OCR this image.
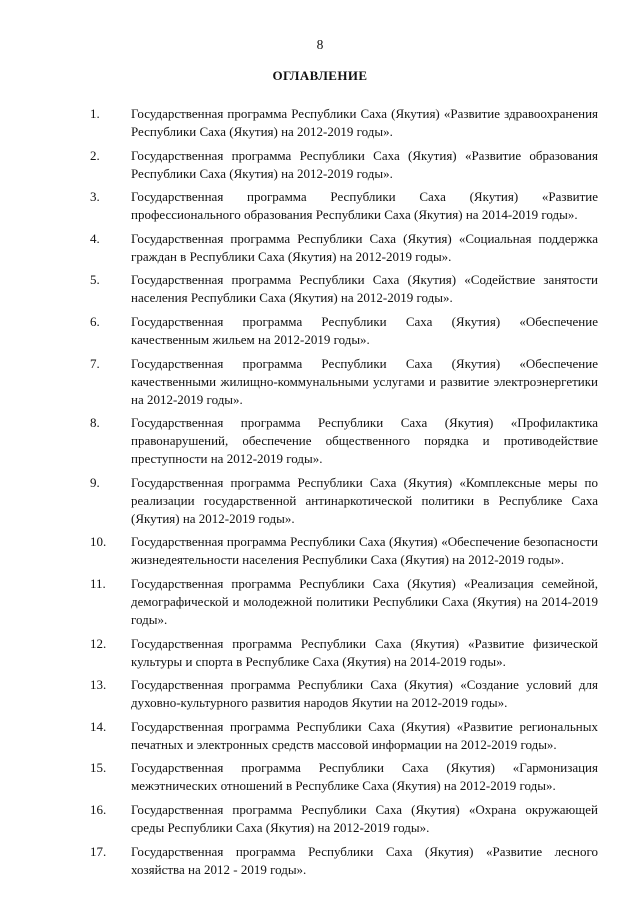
8
ОГЛАВЛЕНИЕ
1.	Государственная программа Республики Саха (Якутия) «Развитие здравоохранения Республики Саха (Якутия) на 2012-2019 годы».
2.	Государственная программа Республики Саха (Якутия) «Развитие образования Республики Саха (Якутия) на 2012-2019 годы».
3.	Государственная программа Республики Саха (Якутия) «Развитие профессионального образования Республики Саха (Якутия) на 2014-2019 годы».
4.	Государственная программа Республики Саха (Якутия) «Социальная поддержка граждан в Республики Саха (Якутия) на 2012-2019 годы».
5.	Государственная программа Республики Саха (Якутия) «Содействие занятости населения Республики Саха (Якутия) на 2012-2019 годы».
6.	Государственная программа Республики Саха (Якутия) «Обеспечение качественным жильем на 2012-2019 годы».
7.	Государственная программа Республики Саха (Якутия) «Обеспечение качественными жилищно-коммунальными услугами и развитие электроэнергетики на 2012-2019 годы».
8.	Государственная программа Республики Саха (Якутия) «Профилактика правонарушений, обеспечение общественного порядка и противодействие преступности на 2012-2019 годы».
9.	Государственная программа Республики Саха (Якутия) «Комплексные меры по реализации государственной антинаркотической политики в Республике Саха (Якутия) на 2012-2019 годы».
10.	Государственная программа Республики Саха (Якутия) «Обеспечение безопасности жизнедеятельности населения Республики Саха (Якутия) на 2012-2019 годы».
11.	Государственная программа Республики Саха (Якутия) «Реализация семейной, демографической и молодежной политики Республики Саха (Якутия) на 2014-2019 годы».
12.	Государственная программа Республики Саха (Якутия) «Развитие физической культуры и спорта в Республике Саха (Якутия) на 2014-2019 годы».
13.	Государственная программа Республики Саха (Якутия) «Создание условий для духовно-культурного развития народов Якутии на 2012-2019 годы».
14.	Государственная программа Республики Саха (Якутия) «Развитие региональных печатных и электронных средств массовой информации на 2012-2019 годы».
15.	Государственная программа Республики Саха (Якутия) «Гармонизация межэтнических отношений в Республике Саха (Якутия) на 2012-2019 годы».
16.	Государственная программа Республики Саха (Якутия) «Охрана окружающей среды Республики Саха (Якутия) на 2012-2019 годы».
17.	Государственная программа Республики Саха (Якутия) «Развитие лесного хозяйства на 2012 - 2019 годы».
